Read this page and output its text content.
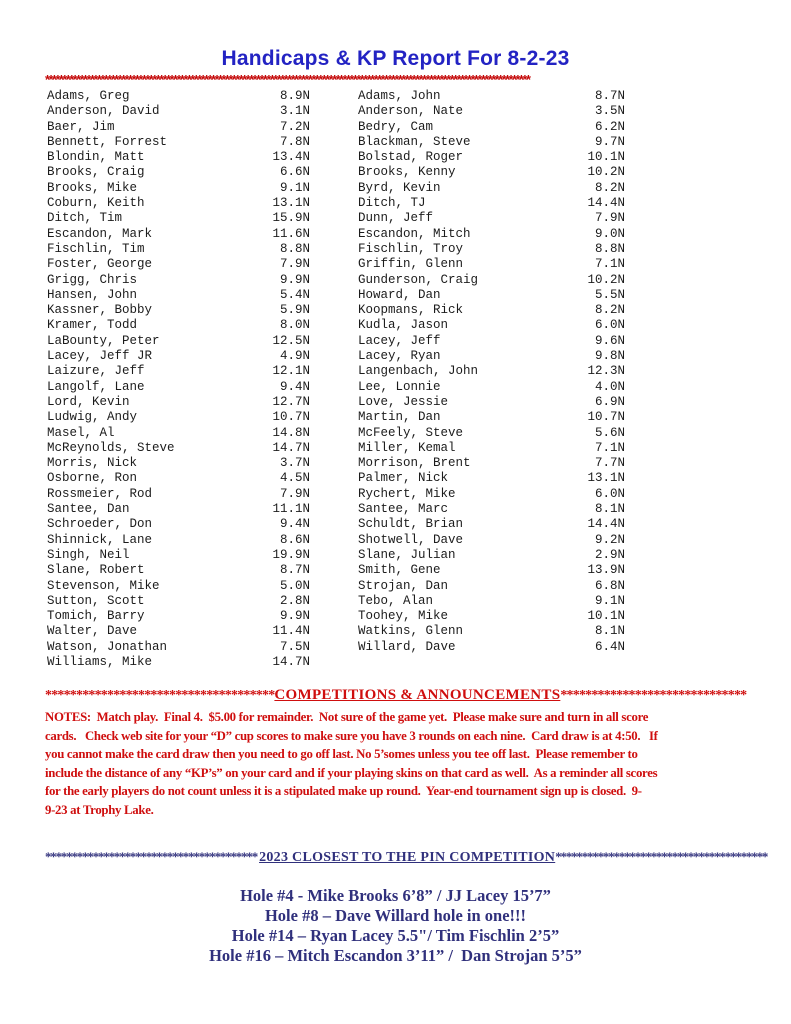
Handicaps & KP Report For 8-2-23
********************************************************************************************************************************************
Adams, Greg	8.9N
Anderson, David	3.1N
Baer, Jim	7.2N
Bennett, Forrest	7.8N
Blondin, Matt	13.4N
Brooks, Craig	6.6N
Brooks, Mike	9.1N
Coburn, Keith	13.1N
Ditch, Tim	15.9N
Escandon, Mark	11.6N
Fischlin, Tim	8.8N
Foster, George	7.9N
Grigg, Chris	9.9N
Hansen, John	5.4N
Kassner, Bobby	5.9N
Kramer, Todd	8.0N
LaBounty, Peter	12.5N
Lacey, Jeff JR	4.9N
Laizure, Jeff	12.1N
Langolf, Lane	9.4N
Lord, Kevin	12.7N
Ludwig, Andy	10.7N
Masel, Al	14.8N
McReynolds, Steve	14.7N
Morris, Nick	3.7N
Osborne, Ron	4.5N
Rossmeier, Rod	7.9N
Santee, Dan	11.1N
Schroeder, Don	9.4N
Shinnick, Lane	8.6N
Singh, Neil	19.9N
Slane, Robert	8.7N
Stevenson, Mike	5.0N
Sutton, Scott	2.8N
Tomich, Barry	9.9N
Walter, Dave	11.4N
Watson, Jonathan	7.5N
Williams, Mike	14.7N
Adams, John	8.7N
Anderson, Nate	3.5N
Bedry, Cam	6.2N
Blackman, Steve	9.7N
Bolstad, Roger	10.1N
Brooks, Kenny	10.2N
Byrd, Kevin	8.2N
Ditch, TJ	14.4N
Dunn, Jeff	7.9N
Escandon, Mitch	9.0N
Fischlin, Troy	8.8N
Griffin, Glenn	7.1N
Gunderson, Craig	10.2N
Howard, Dan	5.5N
Koopmans, Rick	8.2N
Kudla, Jason	6.0N
Lacey, Jeff	9.6N
Lacey, Ryan	9.8N
Langenbach, John	12.3N
Lee, Lonnie	4.0N
Love, Jessie	6.9N
Martin, Dan	10.7N
McFeely, Steve	5.6N
Miller, Kemal	7.1N
Morrison, Brent	7.7N
Palmer, Nick	13.1N
Rychert, Mike	6.0N
Santee, Marc	8.1N
Schuldt, Brian	14.4N
Shotwell, Dave	9.2N
Slane, Julian	2.9N
Smith, Gene	13.9N
Strojan, Dan	6.8N
Tebo, Alan	9.1N
Toohey, Mike	10.1N
Watkins, Glenn	8.1N
Willard, Dave	6.4N
*************************************COMPETITIONS & ANNOUNCEMENTS******************************
NOTES:  Match play.  Final 4.  $5.00 for remainder.  Not sure of the game yet.  Please make sure and turn in all score
cards.   Check web site for your “D” cup scores to make sure you have 3 rounds on each nine.  Card draw is at 4:50.   If
you cannot make the card draw then you need to go off last. No 5’somes unless you tee off last.  Please remember to
include the distance of any “KP’s” on your card and if your playing skins on that card as well.  As a reminder all scores
for the early players do not count unless it is a stipulated make up round.  Year-end tournament sign up is closed.  9-
9-23 at Trophy Lake.
**************************************** 2023 CLOSEST TO THE PIN COMPETITION****************************************
Hole #4 - Mike Brooks 6’8” / JJ Lacey 15’7”
Hole #8 – Dave Willard hole in one!!!
Hole #14 – Ryan Lacey 5.5"/ Tim Fischlin 2’5”
Hole #16 – Mitch Escandon 3’11” /  Dan Strojan 5’5”
